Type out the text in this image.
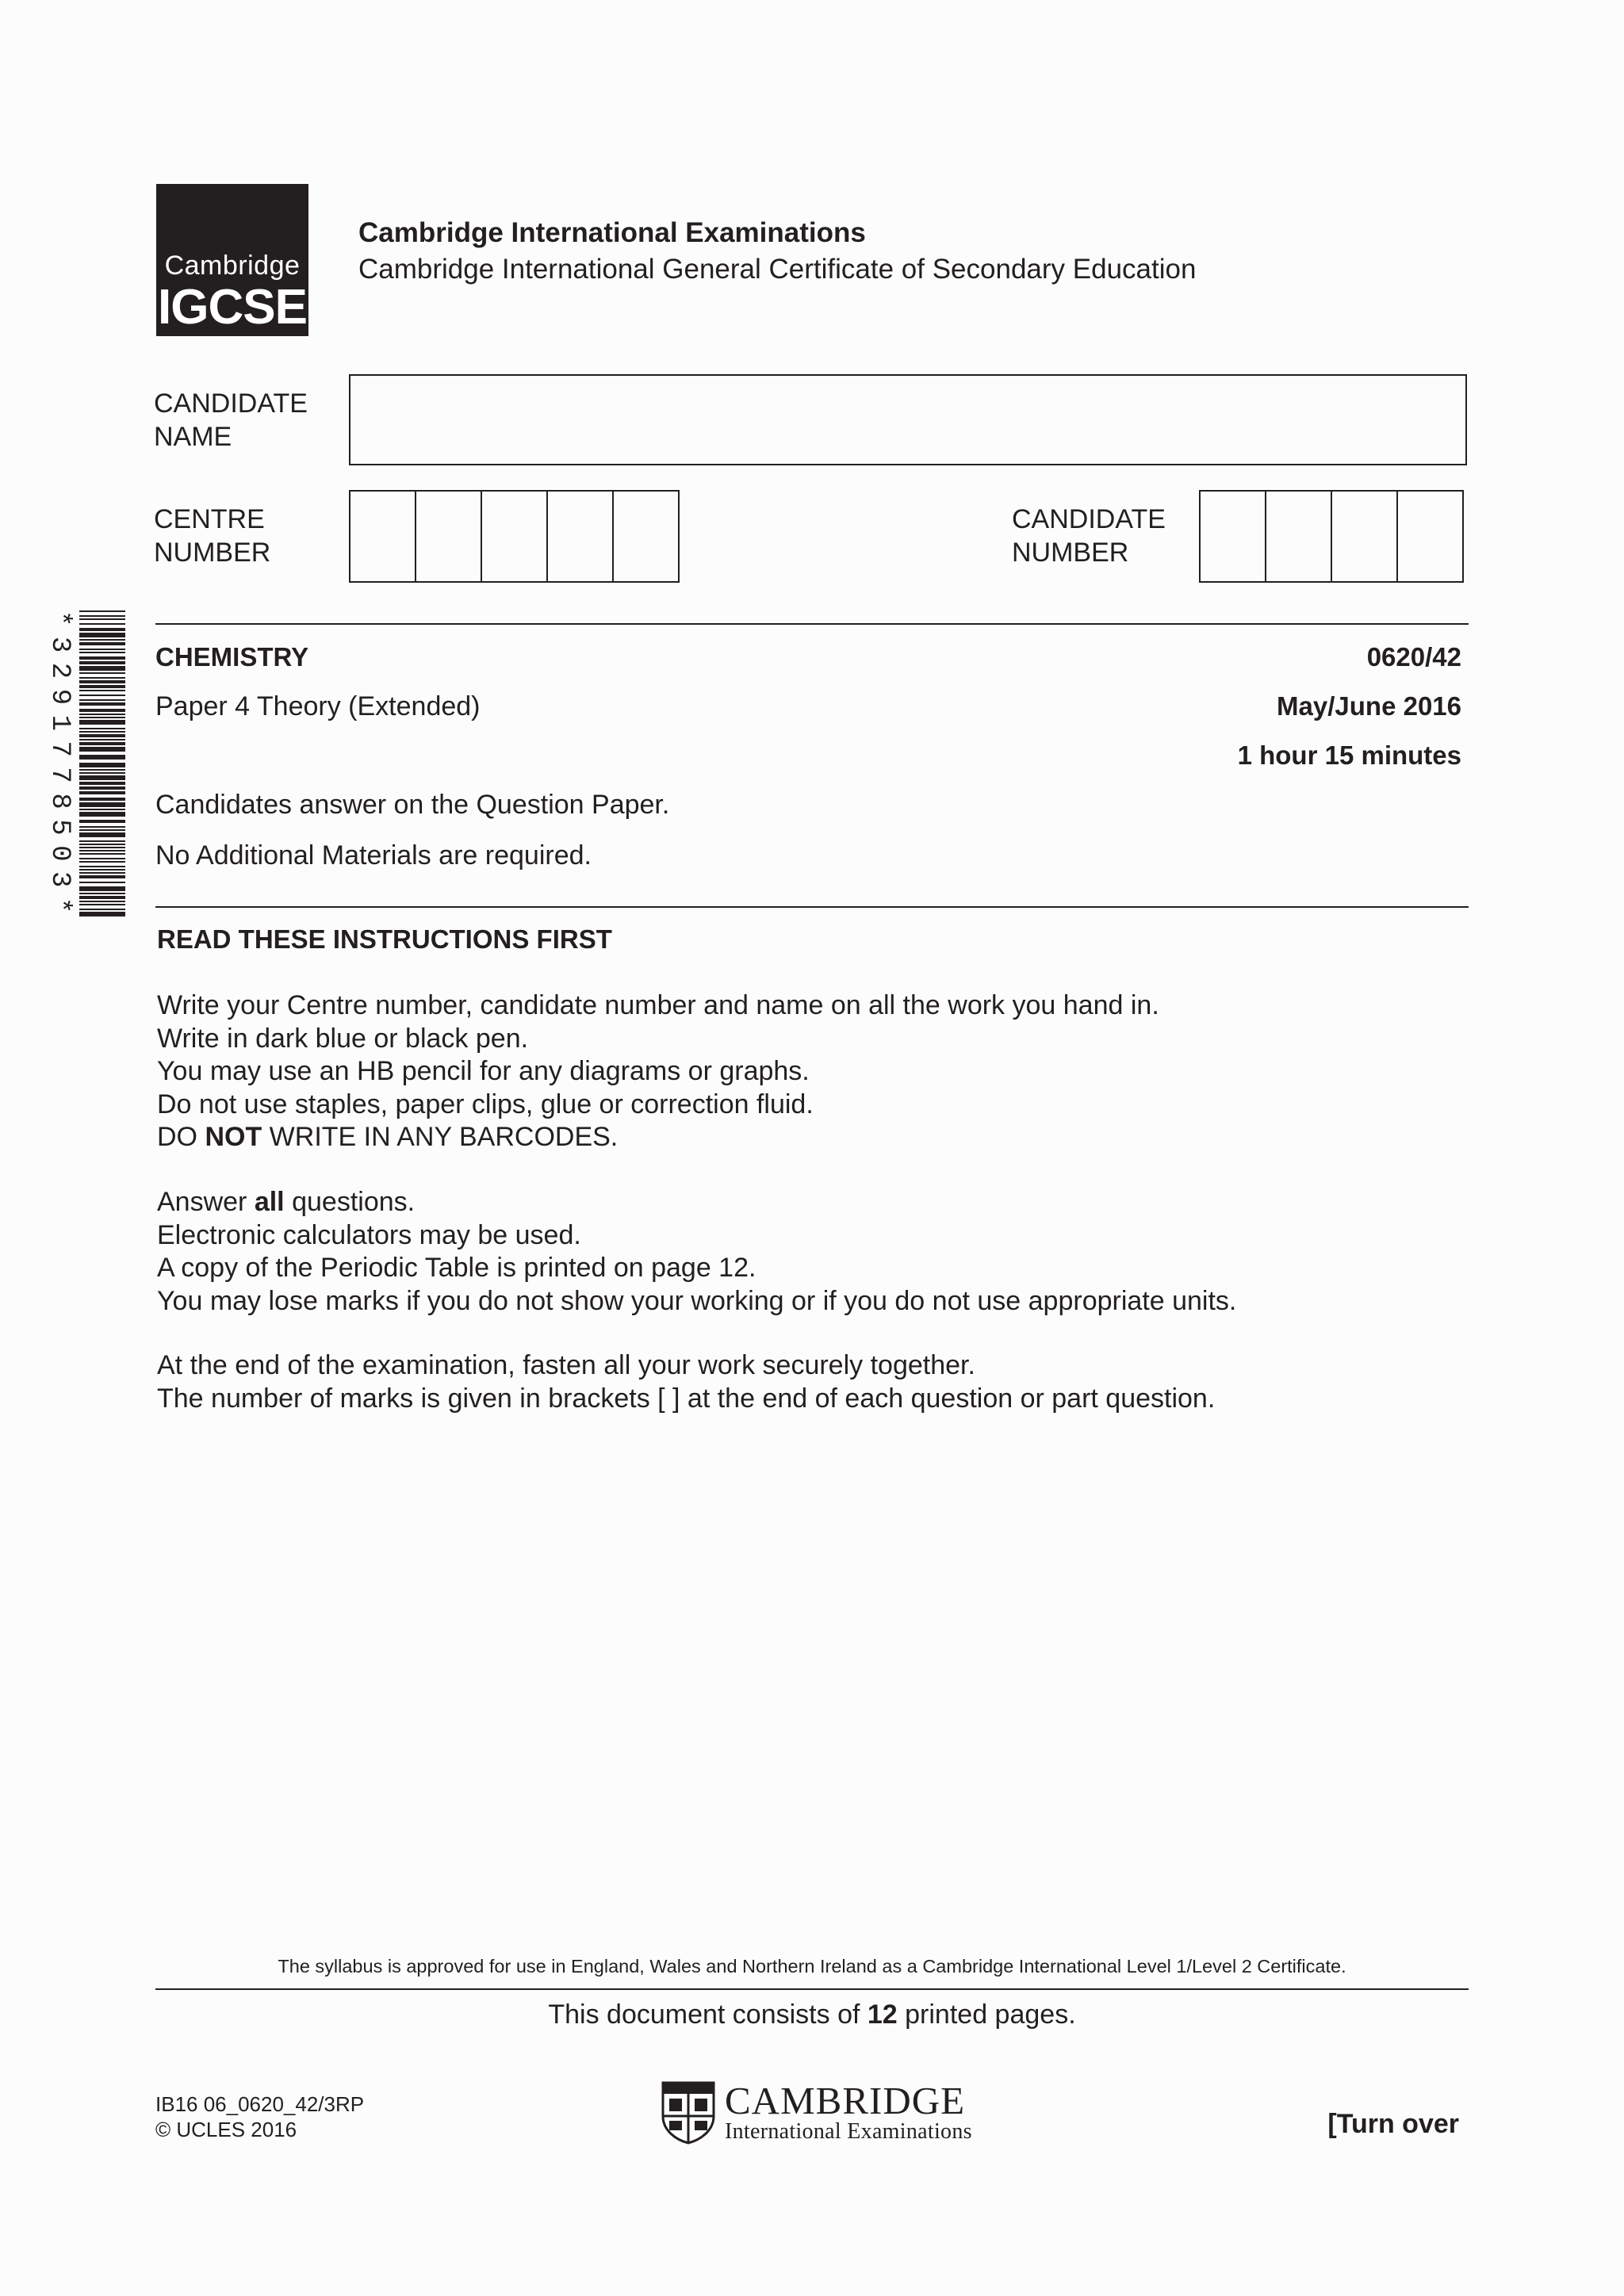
Cambridge
IGCSE
Cambridge International Examinations
Cambridge International General Certificate of Secondary Education
CANDIDATE
NAME
CENTRE
NUMBER
CANDIDATE
NUMBER
*3291778503*	CHEMISTRY	0620/42
Paper 4 Theory (Extended)	May/June 2016
1 hour 15 minutes
Candidates answer on the Question Paper.
No Additional Materials are required.
READ THESE INSTRUCTIONS FIRST
Write your Centre number, candidate number and name on all the work you hand in.
Write in dark blue or black pen.
You may use an HB pencil for any diagrams or graphs.
Do not use staples, paper clips, glue or correction fluid.
DO NOT WRITE IN ANY BARCODES.
Answer all questions.
Electronic calculators may be used.
A copy of the Periodic Table is printed on page 12.
You may lose marks if you do not show your working or if you do not use appropriate units.
At the end of the examination, fasten all your work securely together.
The number of marks is given in brackets [ ] at the end of each question or part question.
The syllabus is approved for use in England, Wales and Northern Ireland as a Cambridge International Level 1/Level 2 Certificate.
This document consists of 12 printed pages.
IB16 06_0620_42/3RP
© UCLES 2016
CAMBRIDGE
International Examinations	[Turn over
